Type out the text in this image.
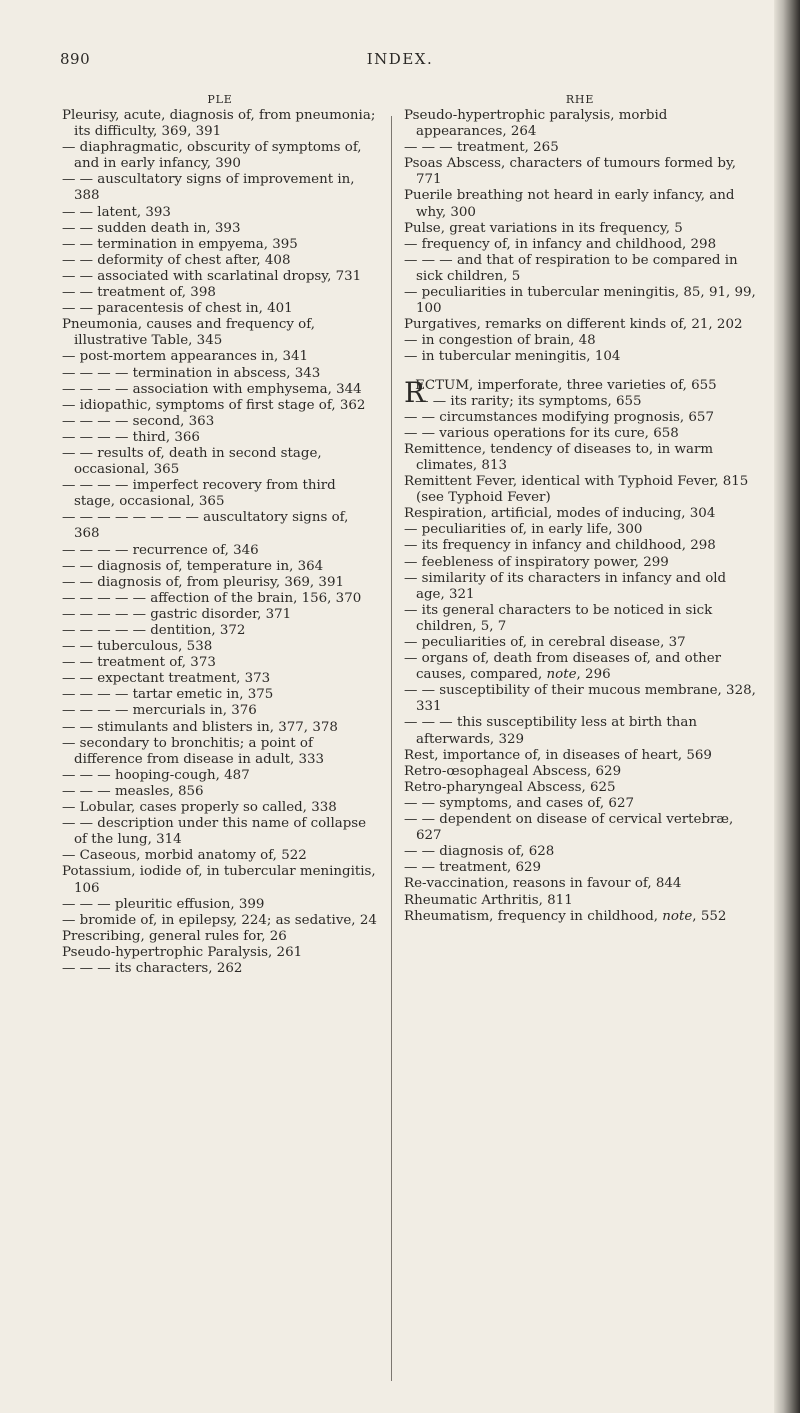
890	INDEX.
PLE

Pleurisy, acute, diagnosis of, from pneumonia; its difficulty, 369, 391

— diaphragmatic, obscurity of symptoms of, and in early infancy, 390

— — auscultatory signs of improvement in, 388

— — latent, 393

— — sudden death in, 393

— — termination in empyema, 395

— — deformity of chest after, 408

— — associated with scarlatinal dropsy, 731

— — treatment of, 398

— — paracentesis of chest in, 401

Pneumonia, causes and frequency of, illustrative Table, 345

— post-mortem appearances in, 341

— — — — termination in abscess, 343

— — — — association with emphysema, 344

— idiopathic, symptoms of first stage of, 362

— — — — second, 363

— — — — third, 366

— — results of, death in second stage, occasional, 365

— — — — imperfect recovery from third stage, occasional, 365

— — — — — — — — auscultatory signs of, 368

— — — — recurrence of, 346

— — diagnosis of, temperature in, 364

— — diagnosis of, from pleurisy, 369, 391

— — — — — affection of the brain, 156, 370

— — — — — gastric disorder, 371

— — — — — dentition, 372

— — tuberculous, 538

— — treatment of, 373

— — expectant treatment, 373

— — — — tartar emetic in, 375

— — — — mercurials in, 376

— — stimulants and blisters in, 377, 378

— secondary to bronchitis; a point of difference from disease in adult, 333

— — — hooping-cough, 487

— — — measles, 856

— Lobular, cases properly so called, 338

— — description under this name of collapse of the lung, 314

— Caseous, morbid anatomy of, 522

Potassium, iodide of, in tubercular meningitis, 106

— — — pleuritic effusion, 399

— bromide of, in epilepsy, 224; as sedative, 24

Prescribing, general rules for, 26

Pseudo-hypertrophic Paralysis, 261

— — — its characters, 262

RHE

Pseudo-hypertrophic paralysis, morbid appearances, 264

— — — treatment, 265

Psoas Abscess, characters of tumours formed by, 771

Puerile breathing not heard in early infancy, and why, 300

Pulse, great variations in its frequency, 5

— frequency of, in infancy and childhood, 298

— — — and that of respiration to be compared in sick children, 5

— peculiarities in tubercular meningitis, 85, 91, 99, 100

Purgatives, remarks on different kinds of, 21, 202

— in congestion of brain, 48

— in tubercular meningitis, 104

R
ECTUM, imperforate, three varieties of, 655

— — its rarity; its symptoms, 655

— — circumstances modifying prognosis, 657

— — various operations for its cure, 658

Remittence, tendency of diseases to, in warm climates, 813

Remittent Fever, identical with Typhoid Fever, 815 (see Typhoid Fever)

Respiration, artificial, modes of inducing, 304

— peculiarities of, in early life, 300

— its frequency in infancy and childhood, 298

— feebleness of inspiratory power, 299

— similarity of its characters in infancy and old age, 321

— its general characters to be noticed in sick children, 5, 7

— peculiarities of, in cerebral disease, 37

— organs of, death from diseases of, and other causes, compared, note, 296

— — susceptibility of their mucous membrane, 328, 331

— — — this susceptibility less at birth than afterwards, 329

Rest, importance of, in diseases of heart, 569

Retro-œsophageal Abscess, 629

Retro-pharyngeal Abscess, 625

— — symptoms, and cases of, 627

— — dependent on disease of cervical vertebræ, 627

— — diagnosis of, 628

— — treatment, 629

Re-vaccination, reasons in favour of, 844

Rheumatic Arthritis, 811

Rheumatism, frequency in childhood, note, 552
